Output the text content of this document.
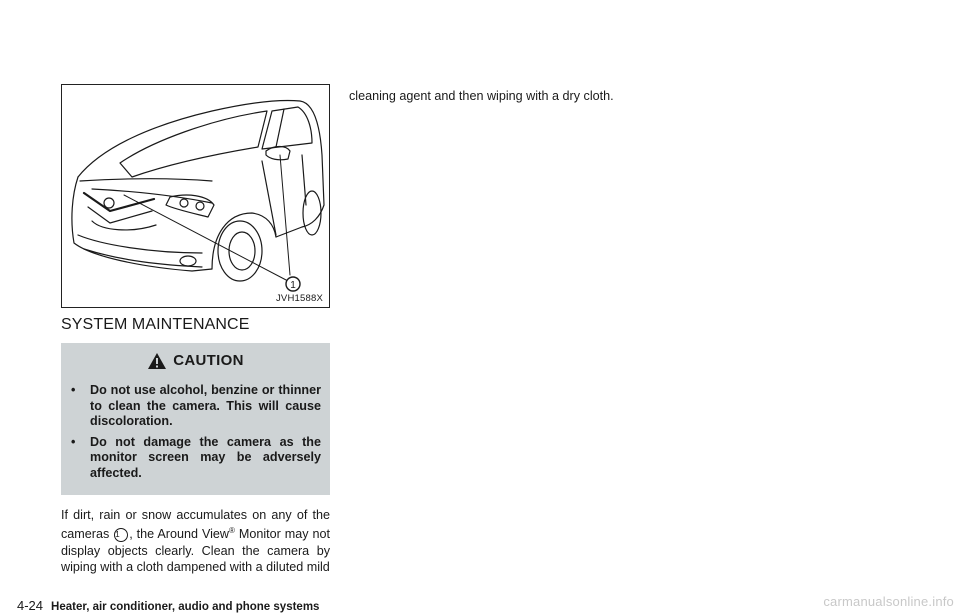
1
JVH1588X
SYSTEM MAINTENANCE
CAUTION
• Do not use alcohol, benzine or thinner to clean the camera. This will cause discoloration.
• Do not damage the camera as the monitor screen may be adversely affected.
If dirt, rain or snow accumulates on any of the cameras 1 , the Around View® Monitor may not display objects clearly. Clean the camera by wiping with a cloth dampened with a diluted mild
cleaning agent and then wiping with a dry cloth.
4-24 Heater, air conditioner, audio and phone systems	carmanualsonline.info
